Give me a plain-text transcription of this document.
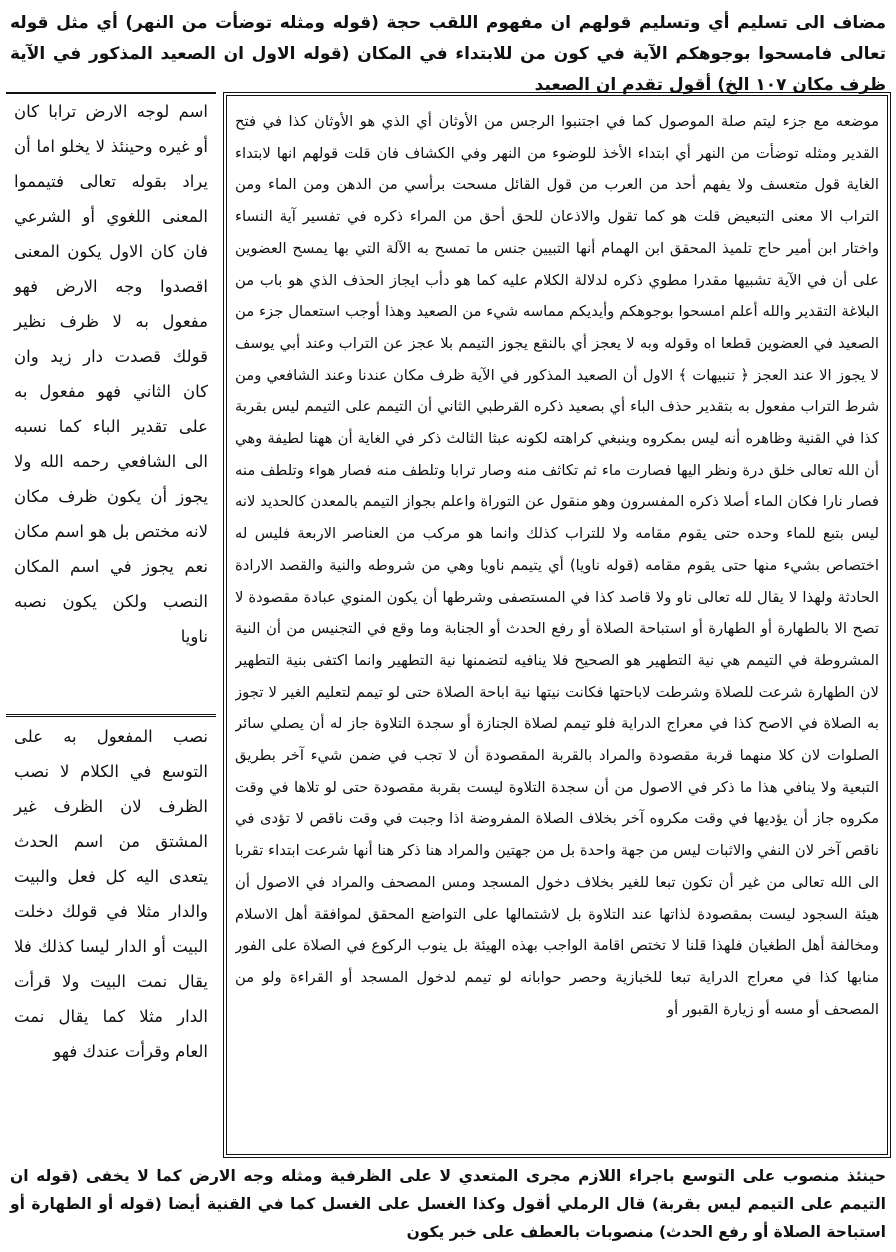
مضاف الى تسليم أي وتسليم قولهم ان مفهوم اللقب حجة (قوله ومثله توضأت من النهر) أي مثل قوله تعالى فامسحوا بوجوهكم الآية في كون من للابتداء في المكان (قوله الاول ان الصعيد المذكور في الآية ظرف مكان ١٠٧ الخ) أقول تقدم ان الصعيد

موضعه مع جزء ليتم صلة الموصول كما في اجتنبوا الرجس من الأوثان أي الذي هو الأوثان كذا في فتح القدير ومثله توضأت من النهر أي ابتداء الأخذ للوضوء من النهر وفي الكشاف فان قلت قولهم انها لابتداء الغاية قول متعسف ولا يفهم أحد من العرب من قول القائل مسحت برأسي من الدهن ومن الماء ومن التراب الا معنى التبعيض قلت هو كما تقول والاذعان للحق أحق من المراء ذكره في تفسير آية النساء واختار ابن أمير حاج تلميذ المحقق ابن الهمام أنها التبيين جنس ما تمسح به الآلة التي بها يمسح العضوين على أن في الآية تشبيها مقدرا مطوي ذكره لدلالة الكلام عليه كما هو دأب ايجاز الحذف الذي هو باب من البلاغة التقدير والله أعلم امسحوا بوجوهكم وأيديكم مماسه شيء من الصعيد وهذا أوجب استعمال جزء من الصعيد في العضوين قطعا اه وقوله وبه لا يعجز أي بالنقع يجوز التيمم بلا عجز عن التراب وعند أبي يوسف لا يجوز الا عند العجز ﴿ تنبيهات ﴾ الاول أن الصعيد المذكور في الآية ظرف مكان عندنا وعند الشافعي ومن شرط التراب مفعول به بتقدير حذف الباء أي بصعيد ذكره القرطبي الثاني أن التيمم على التيمم ليس بقربة كذا في القنية وظاهره أنه ليس بمكروه وينبغي كراهته لكونه عبثا الثالث ذكر في الغاية أن ههنا لطيفة وهي أن الله تعالى خلق درة ونظر اليها فصارت ماء ثم تكاثف منه وصار ترابا وتلطف منه فصار هواء وتلطف منه فصار نارا فكان الماء أصلا ذكره المفسرون وهو منقول عن التوراة واعلم بجواز التيمم بالمعدن كالحديد لانه ليس بتبع للماء وحده حتى يقوم مقامه ولا للتراب كذلك وانما هو مركب من العناصر الاربعة فليس له اختصاص بشيء منها حتى يقوم مقامه (قوله ناويا) أي يتيمم ناويا وهي من شروطه والنية والقصد الارادة الحادثة ولهذا لا يقال لله تعالى ناو ولا قاصد كذا في المستصفى وشرطها أن يكون المنوي عبادة مقصودة لا تصح الا بالطهارة أو الطهارة أو استباحة الصلاة أو رفع الحدث أو الجنابة وما وقع في التجنيس من أن النية المشروطة في التيمم هي نية التطهير هو الصحيح فلا ينافيه لتضمنها نية التطهير وانما اكتفى بنية التطهير لان الطهارة شرعت للصلاة وشرطت لاباحتها فكانت نيتها نية اباحة الصلاة حتى لو تيمم لتعليم الغير لا تجوز به الصلاة في الاصح كذا في معراج الدراية فلو تيمم لصلاة الجنازة أو سجدة التلاوة جاز له أن يصلي سائر الصلوات لان كلا منهما قربة مقصودة والمراد بالقربة المقصودة أن لا تجب في ضمن شيء آخر بطريق التبعية ولا ينافي هذا ما ذكر في الاصول من أن سجدة التلاوة ليست بقربة مقصودة حتى لو تلاها في وقت مكروه جاز أن يؤديها في وقت مكروه آخر بخلاف الصلاة المفروضة اذا وجبت في وقت ناقص لا تؤدى في ناقص آخر لان النفي والاثبات ليس من جهة واحدة بل من جهتين والمراد هنا ذكر هنا أنها شرعت ابتداء تقربا الى الله تعالى من غير أن تكون تبعا للغير بخلاف دخول المسجد ومس المصحف والمراد في الاصول أن هيئة السجود ليست بمقصودة لذاتها عند التلاوة بل لاشتمالها على التواضع المحقق لموافقة أهل الاسلام ومخالفة أهل الطغيان فلهذا قلنا لا تختص اقامة الواجب بهذه الهيئة بل ينوب الركوع في الصلاة على الفور منابها كذا في معراج الدراية تبعا للخبازية وحصر حوابانه لو تيمم لدخول المسجد أو القراءة ولو من المصحف أو مسه أو زيارة القبور أو

اسم لوجه الارض ترابا كان أو غيره وحينئذ لا يخلو اما أن يراد بقوله تعالى فتيمموا المعنى اللغوي أو الشرعي فان كان الاول يكون المعنى اقصدوا وجه الارض فهو مفعول به لا ظرف نظير قولك قصدت دار زيد وان كان الثاني فهو مفعول به على تقدير الباء كما نسبه الى الشافعي رحمه الله ولا يجوز أن يكون ظرف مكان لانه مختص بل هو اسم مكان نعم يجوز في اسم المكان النصب ولكن يكون نصبه ناويا

نصب المفعول به على التوسع في الكلام لا نصب الظرف لان الظرف غير المشتق من اسم الحدث يتعدى اليه كل فعل والبيت والدار مثلا في قولك دخلت البيت أو الدار ليسا كذلك فلا يقال نمت البيت ولا قرأت الدار مثلا كما يقال نمت العام وقرأت عندك فهو

حينئذ منصوب على التوسع باجراء اللازم مجرى المتعدي لا على الظرفية ومثله وجه الارض كما لا يخفى (قوله ان التيمم على التيمم ليس بقربة) قال الرملي أقول وكذا الغسل على الغسل كما في القنية أيضا (قوله أو الطهارة أو استباحة الصلاة أو رفع الحدث) منصوبات بالعطف على خبر يكون
